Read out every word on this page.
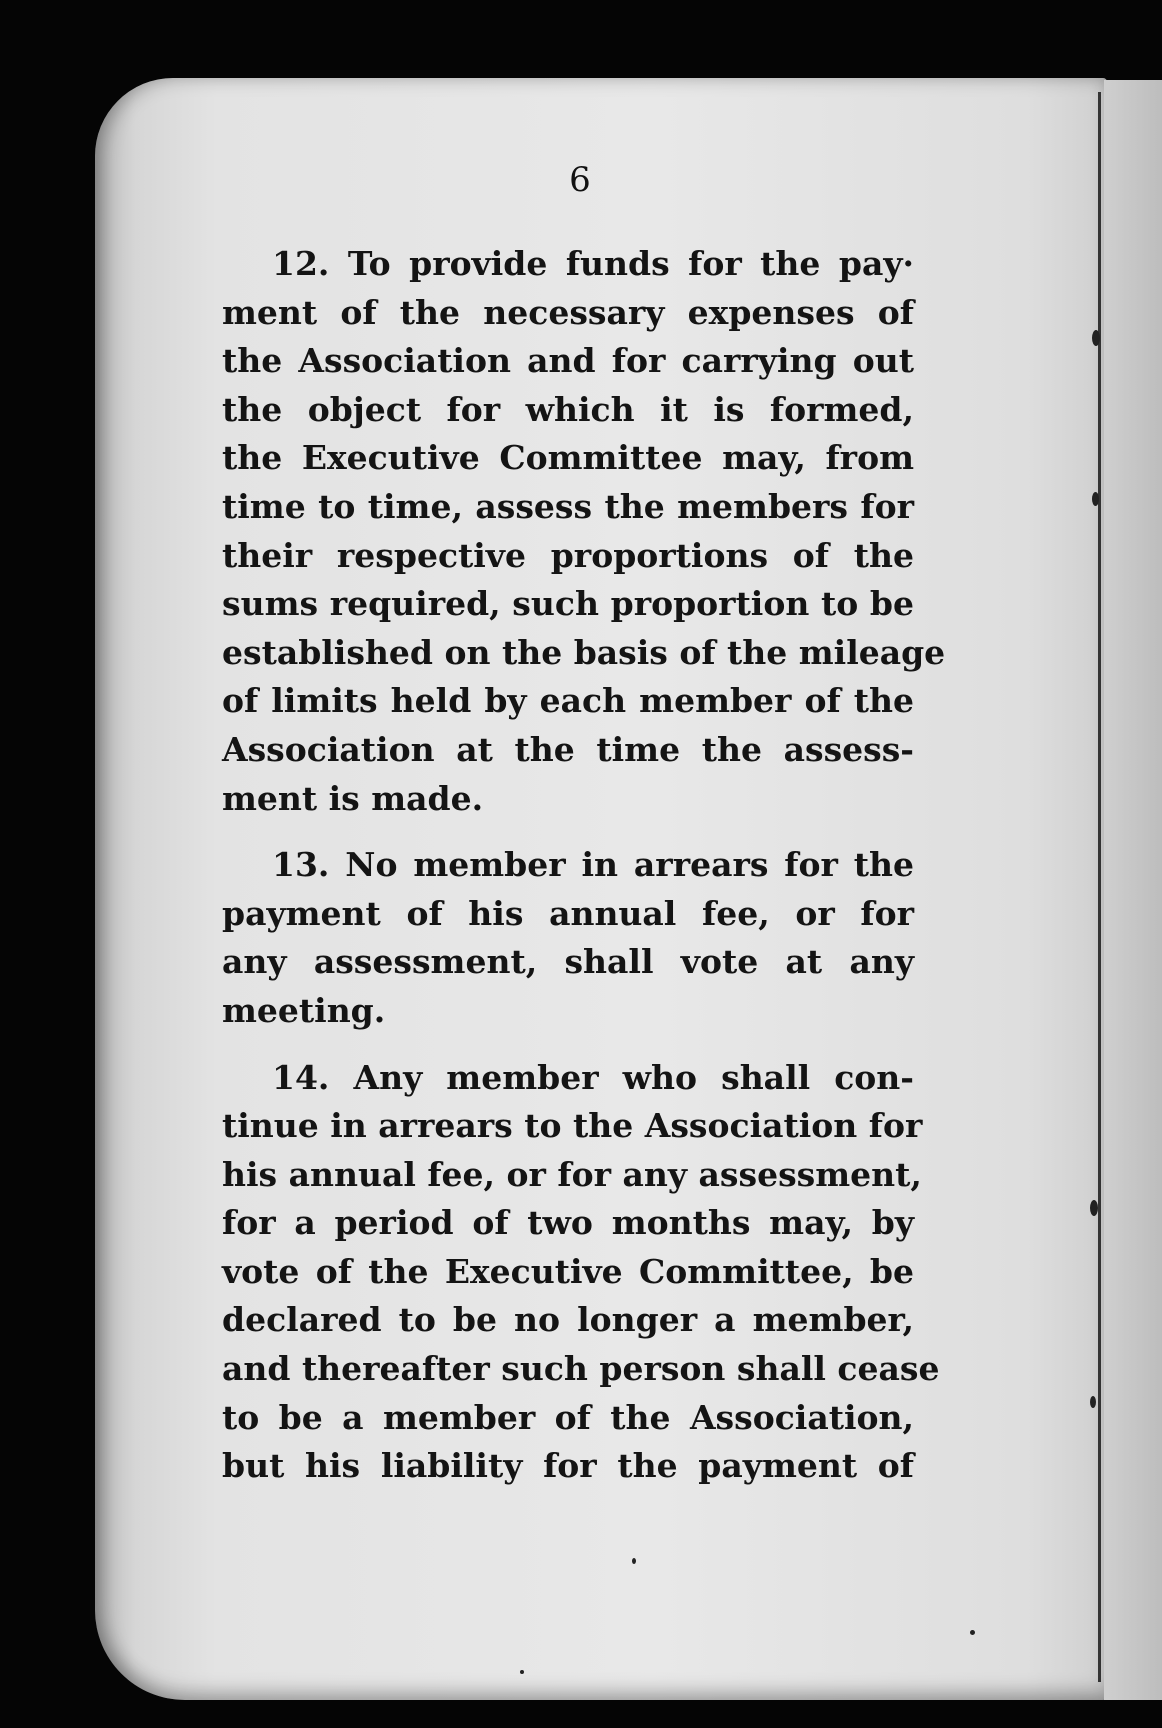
6
12. To provide funds for the pay·
ment of the necessary expenses of
the Association and for carrying out
the object for which it is formed,
the Executive Committee may, from
time to time, assess the members for
their respective proportions of the
sums required, such proportion to be
established on the basis of the mileage
of limits held by each member of the
Association at the time the assess-
ment is made.
13. No member in arrears for the
payment of his annual fee, or for
any assessment, shall vote at any
meeting.
14. Any member who shall con-
tinue in arrears to the Association for
his annual fee, or for any assessment,
for a period of two months may, by
vote of the Executive Committee, be
declared to be no longer a member,
and thereafter such person shall cease
to be a member of the Association,
but his liability for the payment of
